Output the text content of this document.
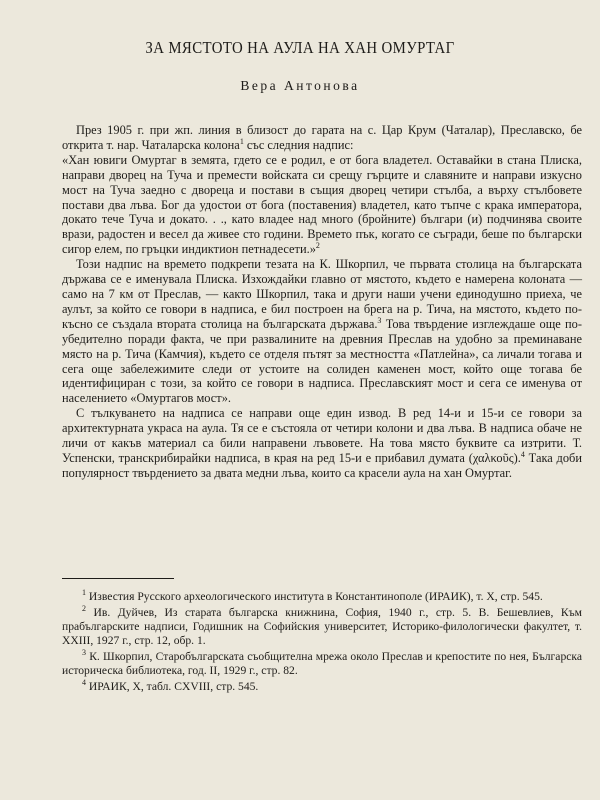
ЗА МЯСТОТО НА АУЛА НА ХАН ОМУРТАГ
Вера Антонова

През 1905 г. при жп. линия в близост до гарата на с. Цар Крум (Чаталар), Преславско, бе открита т. нар. Чаталарска колона$^1$ със следния надпис:

«Хан ювиги Омуртаг в земята, гдето се е родил, е от бога владетел. Оставайки в стана Плиска, направи дворец на Туча и премести войската си срещу гърците и славяните и направи изкусно мост на Туча заедно с двореца и постави в същия дворец четири стълба, а върху стълбовете постави два лъва. Бог да удостои от бога (поставения) владетел, като тъпче с крака императора, докато тече Туча и докато. . ., като владее над много (бройните) българи (и) подчинява своите врази, радостен и весел да живее сто години. Времето пък, когато се съгради, беше по български сигор елем, по гръцки индиктион петнадесети.»$^2$

Този надпис на времето подкрепи тезата на К. Шкорпил, че първата столица на българската държава се е именувала Плиска. Изхождайки главно от мястото, където е намерена колоната — само на 7 км от Преслав, — както Шкорпил, така и други наши учени единодушно приеха, че аулът, за който се говори в надписа, е бил построен на брега на р. Тича, на мястото, където по-късно се създала втората столица на българската държава.$^3$ Това твърдение изглеждаше още по-убедително поради факта, че при развалините на древния Преслав на удобно за преминаване място на р. Тича (Камчия), където се отделя пътят за местността «Патлейна», са личали тогава и сега още забележимите следи от устоите на солиден каменен мост, който още тогава бе идентифициран с този, за който се говори в надписа. Преславският мост и сега се именува от населението «Омуртагов мост».

С тълкуването на надписа се направи още един извод. В ред 14-и и 15-и се говори за архитектурната украса на аула. Тя се е състояла от четири колони и два лъва. В надписа обаче не личи от какъв материал са били направени лъвовете. На това място буквите са изтрити. Т. Успенски, транскрибирайки надписа, в края на ред 15-и е прибавил думата (χαλκοῦς).$^4$ Така доби популярност твърдението за двата медни лъва, които са красели аула на хан Омуртаг.

$^1$ Известия Русского археологического института в Константинополе (ИРАИК), т. X, стр. 545.

$^2$ Ив. Дуйчев, Из старата българска книжнина, София, 1940 г., стр. 5. В. Бешевлиев, Към прабългарските надписи, Годишник на Софийския университет, Историко-филологически факултет, т. XXIII, 1927 г., стр. 12, обр. 1.

$^3$ К. Шкорпил, Старобългарската съобщителна мрежа около Преслав и крепостите по нея, Българска историческа библиотека, год. II, 1929 г., стр. 82.

$^4$ ИРАИК, X, табл. CXVIII, стр. 545.
